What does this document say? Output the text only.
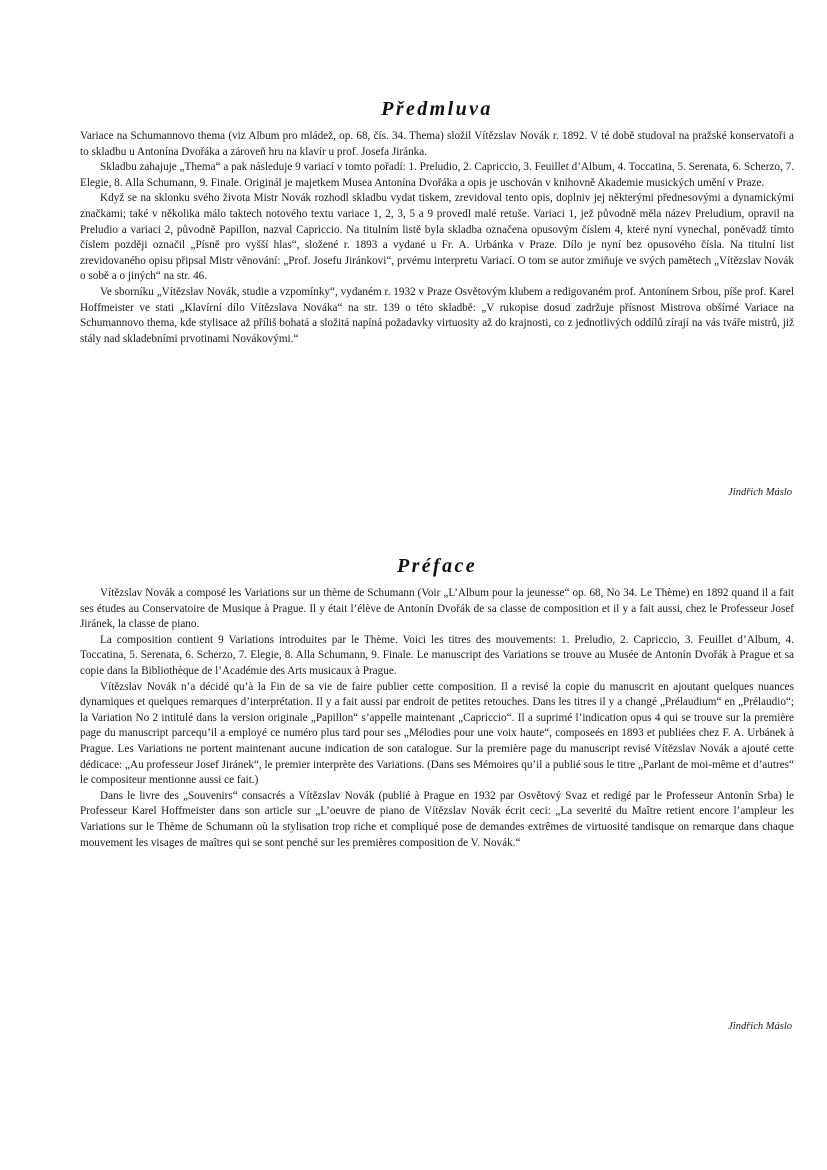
Předmluva

Variace na Schumannovo thema (viz Album pro mládež, op. 68, čís. 34. Thema) složil Vítězslav Novák r. 1892. V té době studoval na pražské konservatoři a to skladbu u Antonína Dvořáka a zároveň hru na klavír u prof. Josefa Jiránka.

Skladbu zahajuje „Thema“ a pak následuje 9 variací v tomto pořadí: 1. Preludio, 2. Capriccio, 3. Feuillet d’Album, 4. Toccatina, 5. Serenata, 6. Scherzo, 7. Elegie, 8. Alla Schumann, 9. Finale. Originál je majetkem Musea Antonína Dvořáka a opis je uschován v knihovně Akademie musických umění v Praze.

Když se na sklonku svého života Mistr Novák rozhodl skladbu vydat tiskem, zrevidoval tento opis, doplniv jej některými přednesovými a dynamickými značkami; také v několika málo taktech notového textu variace 1, 2, 3, 5 a 9 provedl malé retuše. Variaci 1, jež původně měla název Preludium, opravil na Preludio a variaci 2, původně Papillon, nazval Capriccio. Na titulním listě byla skladba označena opusovým číslem 4, které nyní vynechal, poněvadž tímto číslem později označil „Písně pro vyšší hlas“, složené r. 1893 a vydané u Fr. A. Urbánka v Praze. Dílo je nyní bez opusového čísla. Na titulní list zrevidovaného opisu připsal Mistr věnování: „Prof. Josefu Jiránkovi“, prvému interpretu Variací. O tom se autor zmiňuje ve svých pamětech „Vítězslav Novák o sobě a o jiných“ na str. 46.

Ve sborníku „Vítězslav Novák, studie a vzpomínky“, vydaném r. 1932 v Praze Osvětovým klubem a redigovaném prof. Antonínem Srbou, píše prof. Karel Hoffmeister ve stati „Klavírní dílo Vítězslava Nováka“ na str. 139 o této skladbě: „V rukopise dosud zadržuje přísnost Mistrova obšírné Variace na Schumannovo thema, kde stylisace až příliš bohatá a složitá napíná požadavky virtuosity až do krajnosti, co z jednotlivých oddílů zírají na vás tváře mistrů, již stály nad skladebními prvotinami Novákovými.“

Jindřich Máslo

Préface

Vítězslav Novák a composé les Variations sur un thème de Schumann (Voir „L’Album pour la jeunesse“ op. 68, No 34. Le Thème) en 1892 quand il a fait ses études au Conservatoire de Musique à Prague. Il y était l’élève de Antonín Dvořák de sa classe de composition et il y a fait aussi, chez le Professeur Josef Jiránek, la classe de piano.

La composition contient 9 Variations introduites par le Thème. Voici les titres des mouvements: 1. Preludio, 2. Capriccio, 3. Feuillet d’Album, 4. Toccatina, 5. Serenata, 6. Scherzo, 7. Elegie, 8. Alla Schumann, 9. Finale. Le manuscript des Variations se trouve au Musée de Antonín Dvořák à Prague et sa copie dans la Bibliothèque de l’Académie des Arts musicaux à Prague.

Vítězslav Novák n’a décidé qu’à la Fin de sa vie de faire publier cette composition. Il a revisé la copie du manuscrit en ajoutant quelques nuances dynamiques et quelques remarques d’interprétation. Il y a fait aussi par endroit de petites retouches. Dans les titres il y a changé „Prélaudium“ en „Prélaudio“; la Variation No 2 intitulé dans la version originale „Papillon“ s’appelle maintenant „Capriccio“. Il a suprimé l’indication opus 4 qui se trouve sur la première page du manuscript parcequ’il a employé ce numéro plus tard pour ses „Mélodies pour une voix haute“, composeés en 1893 et publiées chez F. A. Urbánek à Prague. Les Variations ne portent maintenant aucune indication de son catalogue. Sur la première page du manuscript revisé Vítězslav Novák a ajouté cette dédicace: „Au professeur Josef Jiránek“, le premier interprète des Variations. (Dans ses Mémoires qu’il a publié sous le titre „Parlant de moi-même et d’autres“ le compositeur mentionne aussi ce fait.)

Dans le livre des „Souvenirs“ consacrés a Vítězslav Novák (publié à Prague en 1932 par Osvětový Svaz et redigé par le Professeur Antonín Srba) le Professeur Karel Hoffmeister dans son article sur „L’oeuvre de piano de Vítězslav Novák écrit ceci: „La severité du Maître retient encore l’ampleur les Variations sur le Thème de Schumann où la stylisation trop riche et compliqué pose de demandes extrêmes de virtuosité tandisque on remarque dans chaque mouvement les visages de maîtres qui se sont penché sur les premières composition de V. Novák.“

Jindřich Máslo
